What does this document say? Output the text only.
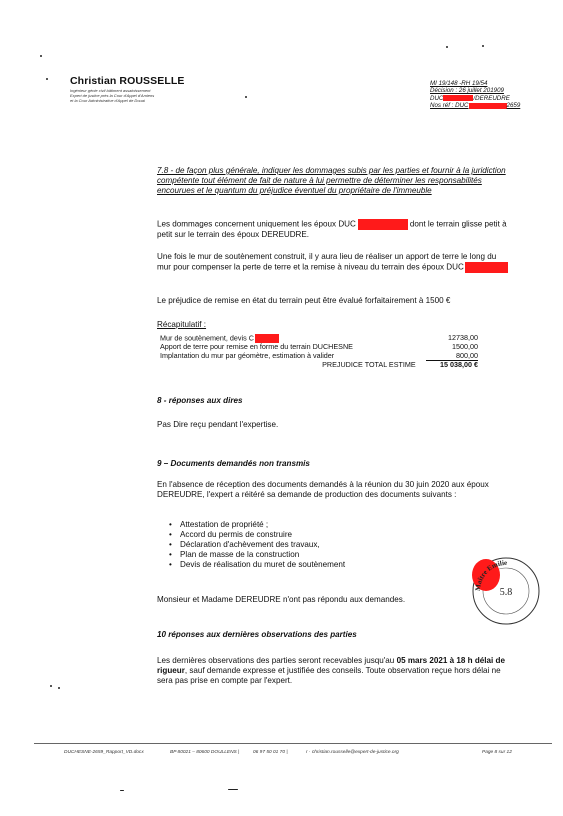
Christian ROUSSELLE
Ingénieur génie civil bâtiment assainissement
Expert de justice près la Cour d'Appel d'Amiens
et la Cour Administrative d'Appel de Douai
MI 19/148 -RH 19/54
Décision : 26 juillet 201909
DUC	/DEREUDRE
Nos réf : DUC	2659

7.8 - de façon plus générale, indiquer les dommages subis par les parties et fournir à la juridiction compétente tout élément de fait de nature à lui permettre de déterminer les responsabilités encourues et le quantum du préjudice éventuel du propriétaire de l'immeuble

Les dommages concernent uniquement les époux DUC	dont le terrain glisse petit à petit sur le terrain des époux DEREUDRE.

Une fois le mur de soutènement construit, il y aura lieu de réaliser un apport de terre le long du mur pour compenser la perte de terre et la remise à niveau du terrain des époux DUC

Le préjudice de remise en état du terrain peut être évalué forfaitairement à 1500 €

Récapitulatif :

Mur de soutènement, devis C	12738,00
Apport de terre pour remise en forme du terrain DUCHESNE	1500,00
Implantation du mur par géomètre, estimation à valider	800,00
PREJUDICE TOTAL ESTIME	15 038,00 €

8 - réponses aux dires

Pas Dire reçu pendant l'expertise.

9 – Documents demandés non transmis

En l'absence de réception des documents demandés à la réunion du 30 juin 2020 aux époux DEREUDRE, l'expert a réitéré sa demande de production des documents suivants :

• Attestation de propriété ;
• Accord du permis de construire
• Déclaration d'achèvement des travaux,
• Plan de masse de la construction
• Devis de réalisation du muret de soutènement

Monsieur et Madame DEREUDRE n'ont pas répondu aux demandes.

Maître Emilie
5.8

10 réponses aux dernières observations des parties

Les dernières observations des parties seront recevables jusqu'au 05 mars 2021 à 18 h délai de rigueur, sauf demande expresse et justifiée des conseils. Toute observation reçue hors délai ne sera pas prise en compte par l'expert.

DUCHESNE-2659_Rapport_VD.docx	BP 80021 – 80600 DOULLENS |	06 97 50 01 70 |	r · christian.rousselle@expert-de-justice.org	Page 8 sur 12
